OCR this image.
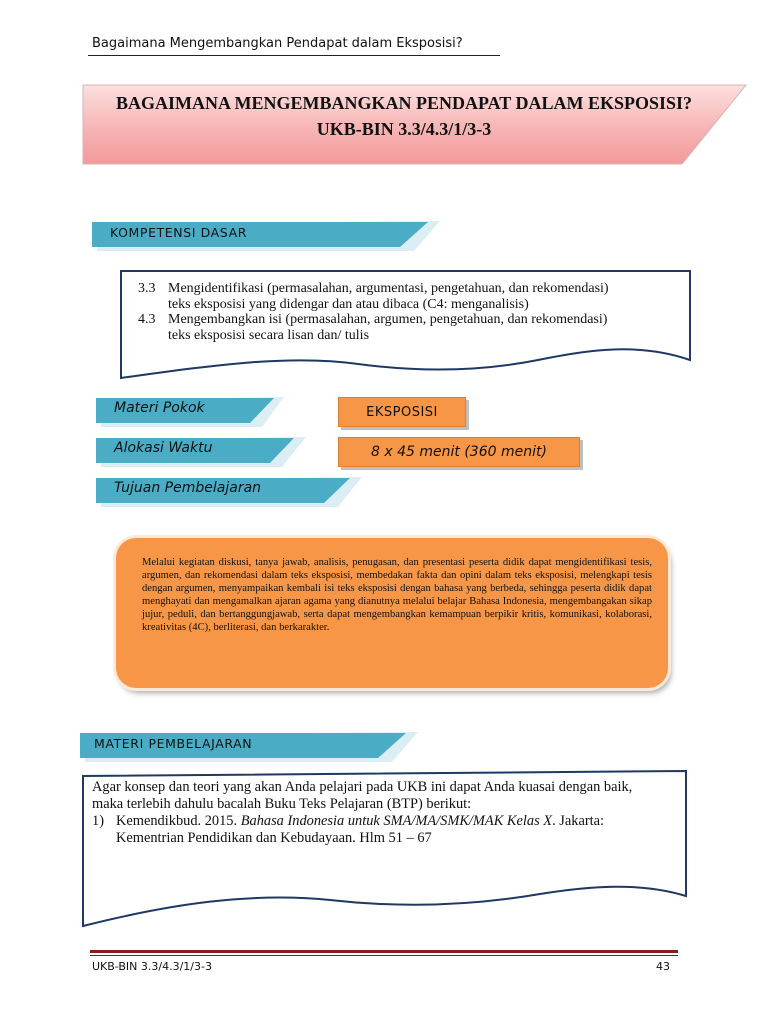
Bagaimana Mengembangkan Pendapat dalam Eksposisi?
BAGAIMANA MENGEMBANGKAN PENDAPAT DALAM EKSPOSISI?
UKB-BIN 3.3/4.3/1/3-3
KOMPETENSI DASAR
3.3 Mengidentifikasi (permasalahan, argumentasi, pengetahuan, dan rekomendasi)
teks eksposisi yang didengar dan atau dibaca (C4: menganalisis)
4.3 Mengembangkan isi (permasalahan, argumen, pengetahuan, dan rekomendasi)
teks eksposisi secara lisan dan/ tulis
Materi Pokok	EKSPOSISI
Alokasi Waktu	8 x 45 menit (360 menit)
Tujuan Pembelajaran
Melalui kegiatan diskusi, tanya jawab, analisis, penugasan, dan presentasi peserta didik dapat mengidentifikasi tesis, argumen, dan rekomendasi dalam teks eksposisi, membedakan fakta dan opini dalam teks eksposisi, melengkapi tesis dengan argumen, menyampaikan kembali isi teks eksposisi dengan bahasa yang berbeda, sehingga peserta didik dapat menghayati dan mengamalkan ajaran agama yang dianutnya melalui belajar Bahasa Indonesia, mengembangakan sikap jujur, peduli, dan bertanggungjawab, serta dapat mengembangkan kemampuan berpikir kritis, komunikasi, kolaborasi, kreativitas (4C), berliterasi, dan berkarakter.
MATERI PEMBELAJARAN
Agar konsep dan teori yang akan Anda pelajari pada UKB ini dapat Anda kuasai dengan baik, maka terlebih dahulu bacalah Buku Teks Pelajaran (BTP) berikut:
1) Kemendikbud. 2015. Bahasa Indonesia untuk SMA/MA/SMK/MAK Kelas X. Jakarta: Kementrian Pendidikan dan Kebudayaan. Hlm 51 – 67
UKB-BIN 3.3/4.3/1/3-3	43
